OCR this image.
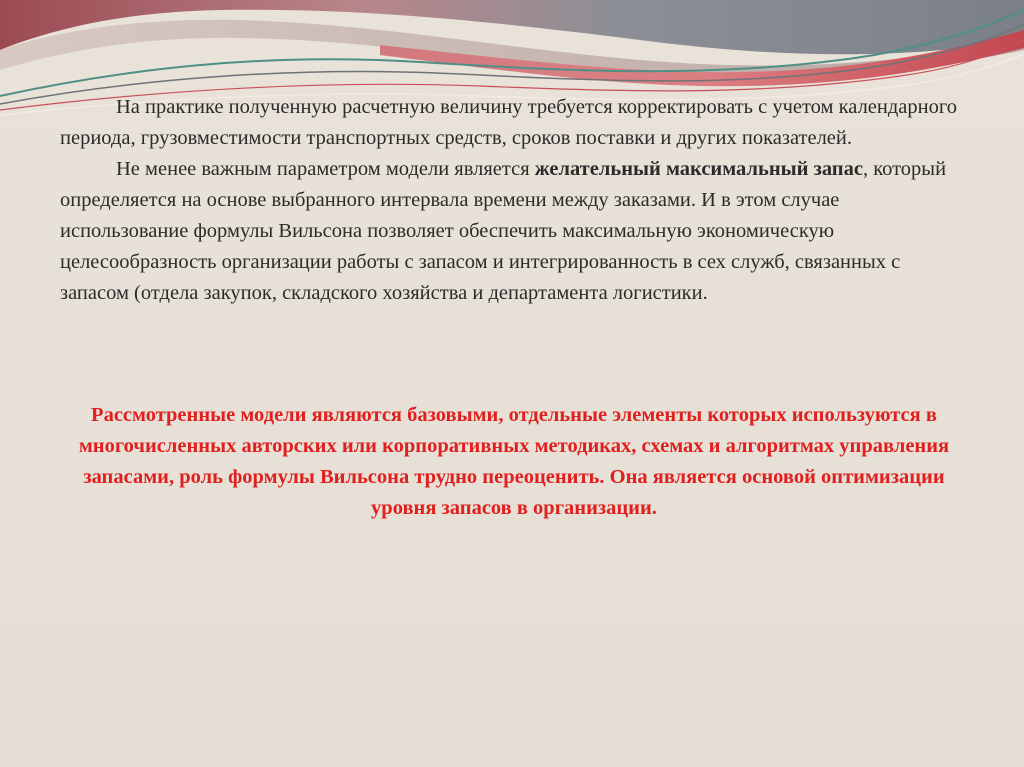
На практике полученную расчетную величину требуется корректировать с учетом календарного периода, грузовместимости транспортных средств, сроков поставки и других показателей.

Не менее важным параметром модели является желательный максимальный запас, который определяется на основе выбранного интервала времени между заказами. И в этом случае использование формулы Вильсона позволяет обеспечить максимальную экономическую целесообразность организации работы с запасом и интегрированность в сех служб, связанных с запасом (отдела закупок, складского хозяйства и департамента логистики.

Рассмотренные модели являются базовыми, отдельные элементы которых используются в многочисленных авторских или корпоративных методиках, схемах и алгоритмах управления запасами, роль формулы Вильсона трудно переоценить. Она является основой оптимизации уровня запасов в организации.
